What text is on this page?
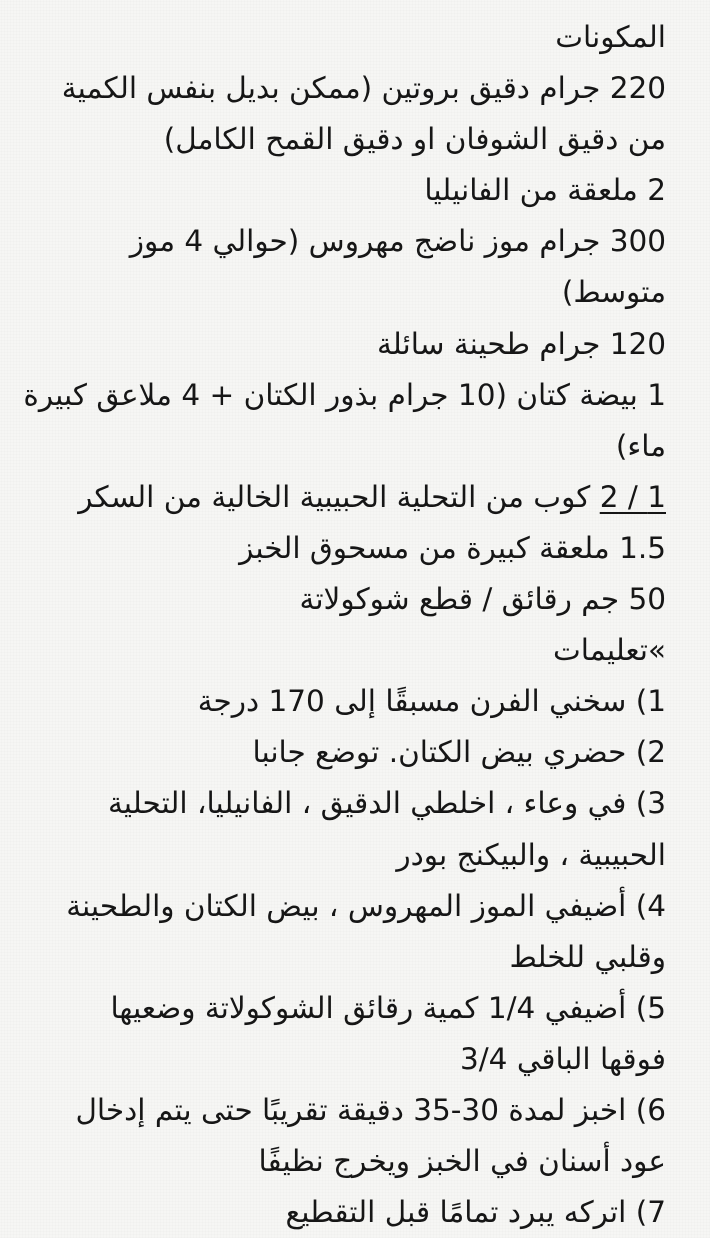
المكونات
220 جرام دقيق بروتين (ممكن بديل بنفس الكمية
من دقيق الشوفان او دقيق القمح الكامل)
2 ملعقة من الفانيليا
300 جرام موز ناضج مهروس (حوالي 4 موز
متوسط)
120 جرام طحينة سائلة
1 بيضة كتان (10 جرام بذور الكتان + 4 ملاعق كبيرة
ماء)
1 / 2 كوب من التحلية الحبيبية الخالية من السكر
1.5 ملعقة كبيرة من مسحوق الخبز
50 جم رقائق / قطع شوكولاتة
»تعليمات
1) سخني الفرن مسبقًا إلى 170 درجة
2) حضري بيض الكتان. توضع جانبا
3) في وعاء ، اخلطي الدقيق ، الفانيليا، التحلية
الحبيبية ، والبيكنج بودر
4) أضيفي الموز المهروس ، بيض الكتان والطحينة
وقلبي للخلط
5) أضيفي 1/4 كمية رقائق الشوكولاتة وضعيها
فوقها الباقي 3/4
6) اخبز لمدة 30-35 دقيقة تقريبًا حتى يتم إدخال
عود أسنان في الخبز ويخرج نظيفًا
7) اتركه يبرد تمامًا قبل التقطيع
